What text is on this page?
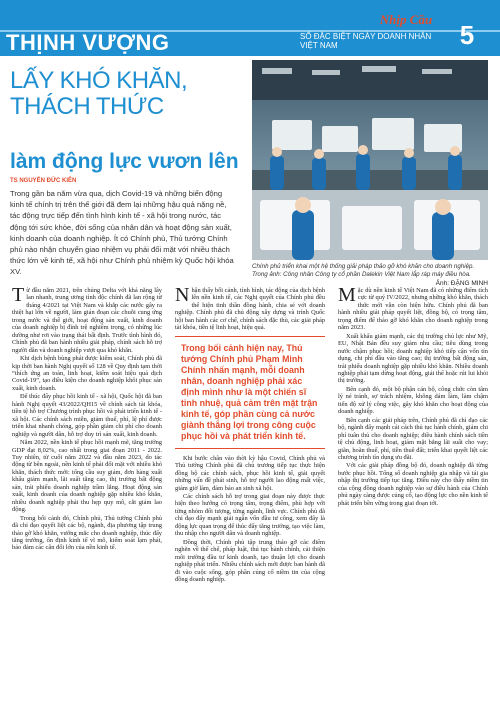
THỊNH VƯỢNG
Nhịp Cầu
SỐ ĐẶC BIỆT NGÀY DOANH NHÂN VIỆT NAM	5
LẤY KHÓ KHĂN,
THÁCH THỨC
làm động lực vươn lên
TS NGUYỄN ĐỨC KIÊN
Trong gần ba năm vừa qua, dịch Covid-19 và những biến động kinh tế chính trị trên thế giới đã đem lại những hậu quả nặng nề, tác động trực tiếp đến tình hình kinh tế - xã hội trong nước, tác động tới sức khỏe, đời sống của nhân dân và hoạt động sản xuất, kinh doanh của doanh nghiệp. Ít có Chính phủ, Thủ tướng Chính phủ nào nhận chuyển giao nhiệm vụ phải đối mặt với nhiều thách thức lớn về kinh tế, xã hội như Chính phủ nhiệm kỳ Quốc hội khóa XV.
Chính phủ triển khai một hệ thống giải pháp thảo gỡ khó khăn cho doanh nghiệp. Trong ảnh: Công nhân Công ty cổ phần Dalekin Việt Nam lắp ráp máy điều hòa.
Ảnh: ĐẶNG MINH

Từ đầu năm 2021, trên chủng Delta với khả năng lây lan nhanh, trung ương tỉnh độc chính đã lan rộng từ tháng 4/2021 tại Việt Nam và khắp các nước gây ra thiệt hại lớn về người, làm gián đoạn các chuỗi cung ứng trong nước và thế giới, hoạt động sản xuất, kinh doanh của doanh nghiệp bị đình trệ nghiêm trọng, có những lúc dường như rơi vào trạng thái bất định. Trước tình hình đó, Chính phủ đã ban hành nhiều giải pháp, chính sách hỗ trợ người dân và doanh nghiệp vượt qua khó khăn.

Khi dịch bệnh bùng phát được kiểm soát, Chính phủ đã kịp thời ban hành Nghị quyết số 128 về Quy định tạm thời “thích ứng an toàn, linh hoạt, kiểm soát hiệu quả dịch Covid-19”, tạo điều kiện cho doanh nghiệp khôi phục sản xuất, kinh doanh.

Để thúc đẩy phục hồi kinh tế - xã hội, Quốc hội đã ban hành Nghị quyết 43/2022/QH15 về chính sách tài khóa, tiền tệ hỗ trợ Chương trình phục hồi và phát triển kinh tế - xã hội. Các chính sách miễn, giảm thuế, phí, lệ phí được triển khai nhanh chóng, góp phần giảm chi phí cho doanh nghiệp và người dân, hỗ trợ duy trì sản xuất, kinh doanh.

Năm 2022, nền kinh tế phục hồi mạnh mẽ, tăng trưởng GDP đạt 8,02%, cao nhất trong giai đoạn 2011 - 2022. Tuy nhiên, từ cuối năm 2022 và đầu năm 2023, do tác động từ bên ngoài, nền kinh tế phải đối mặt với nhiều khó khăn, thách thức mới: tổng cầu suy giảm, đơn hàng xuất khẩu giảm mạnh, lãi suất tăng cao, thị trường bất động sản, trái phiếu doanh nghiệp trầm lắng. Hoạt động sản xuất, kinh doanh của doanh nghiệp gặp nhiều khó khăn, nhiều doanh nghiệp phải thu hẹp quy mô, cắt giảm lao động.

Trong bối cảnh đó, Chính phủ, Thủ tướng Chính phủ đã chỉ đạo quyết liệt các bộ, ngành, địa phương tập trung tháo gỡ khó khăn, vướng mắc cho doanh nghiệp, thúc đẩy tăng trưởng, ổn định kinh tế vĩ mô, kiểm soát lạm phát, bảo đảm các cân đối lớn của nền kinh tế.

Nhận thấy bối cảnh, tình hình, tác động của dịch bệnh lên nền kinh tế, các Nghị quyết của Chính phủ đều thể hiện tinh thần đồng hành, chia sẻ với doanh nghiệp. Chính phủ đã chủ động xây dựng và trình Quốc hội ban hành các cơ chế, chính sách đặc thù, các giải pháp tài khóa, tiền tệ linh hoạt, hiệu quả.

Trong bối cảnh hiện nay, Thủ tướng Chính phủ Phạm Minh Chính nhấn mạnh, mỗi doanh nhân, doanh nghiệp phải xác định mình như là một chiến sĩ tinh nhuệ, quả cảm trên mặt trận kinh tế, góp phần cùng cả nước giành thắng lợi trong công cuộc phục hồi và phát triển kinh tế.

Khi bước chân vào thời kỳ hậu Covid, Chính phủ và Thủ tướng Chính phủ đã chủ trương tiếp tục thực hiện đồng bộ các chính sách, phục hồi kinh tế, giải quyết những vấn đề phát sinh, hỗ trợ người lao động mất việc, giảm giờ làm, đảm bảo an sinh xã hội.

Các chính sách hỗ trợ trong giai đoạn này được thực hiện theo hướng có trọng tâm, trọng điểm, phù hợp với từng nhóm đối tượng, từng ngành, lĩnh vực. Chính phủ đã chỉ đạo đẩy mạnh giải ngân vốn đầu tư công, xem đây là động lực quan trọng để thúc đẩy tăng trưởng, tạo việc làm, thu nhập cho người dân và doanh nghiệp.

Đồng thời, Chính phủ tập trung tháo gỡ các điểm nghẽn về thể chế, pháp luật, thủ tục hành chính, cải thiện môi trường đầu tư kinh doanh, tạo thuận lợi cho doanh nghiệp phát triển. Nhiều chính sách mới được ban hành đã đi vào cuộc sống, góp phần củng cố niềm tin của cộng đồng doanh nghiệp.

Mặc dù nền kinh tế Việt Nam đã có những điểm tích cực từ quý IV/2022, nhưng những khó khăn, thách thức mới vẫn còn hiện hữu. Chính phủ đã ban hành nhiều giải pháp quyết liệt, đồng bộ, có trọng tâm, trọng điểm để tháo gỡ khó khăn cho doanh nghiệp trong năm 2023.

Xuất khẩu giảm mạnh, các thị trường chủ lực như Mỹ, EU, Nhật Bản đều suy giảm nhu cầu; tiêu dùng trong nước chậm phục hồi; doanh nghiệp khó tiếp cận vốn tín dụng, chi phí đầu vào tăng cao; thị trường bất động sản, trái phiếu doanh nghiệp gặp nhiều khó khăn. Nhiều doanh nghiệp phải tạm dừng hoạt động, giải thể hoặc rút lui khỏi thị trường.

Bên cạnh đó, một bộ phận cán bộ, công chức còn tâm lý né tránh, sợ trách nhiệm, không dám làm, làm chậm tiến độ xử lý công việc, gây khó khăn cho hoạt động của doanh nghiệp.

Bên cạnh các giải pháp trên, Chính phủ đã chỉ đạo các bộ, ngành đẩy mạnh cải cách thủ tục hành chính, giảm chi phí tuân thủ cho doanh nghiệp; điều hành chính sách tiền tệ chủ động, linh hoạt, giảm mặt bằng lãi suất cho vay; giãn, hoãn thuế, phí, tiền thuê đất; triển khai quyết liệt các chương trình tín dụng ưu đãi.

Với các giải pháp đồng bộ đó, doanh nghiệp đã từng bước phục hồi. Tổng số doanh nghiệp gia nhập và tái gia nhập thị trường tiếp tục tăng. Điều này cho thấy niềm tin của cộng đồng doanh nghiệp vào sự điều hành của Chính phủ ngày càng được củng cố, tạo động lực cho nền kinh tế phát triển bền vững trong giai đoạn tới.
